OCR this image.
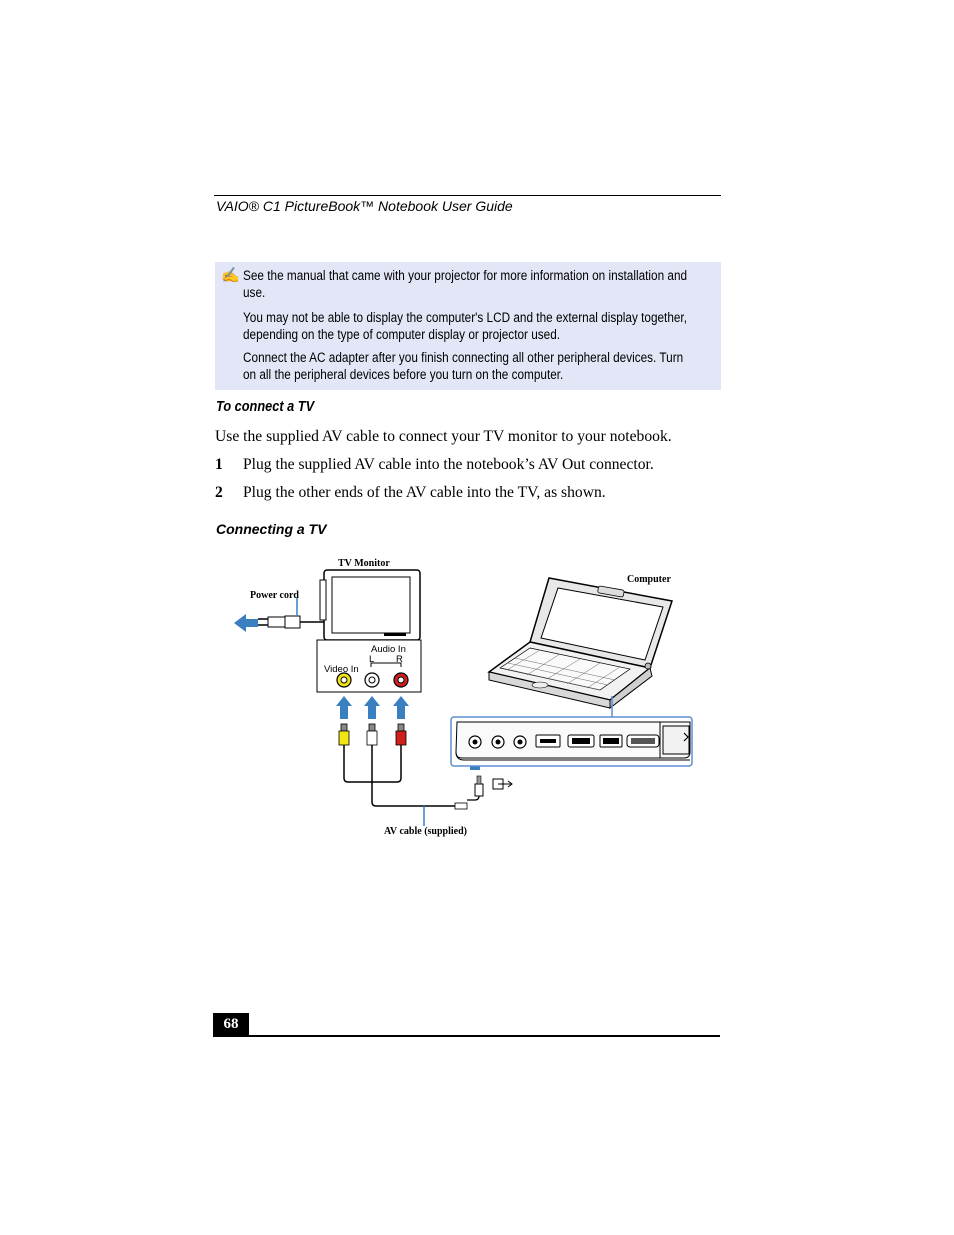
VAIO® C1 PictureBook™ Notebook User Guide
✍ See the manual that came with your projector for more information on installation and
use.
You may not be able to display the computer's LCD and the external display together,
depending on the type of computer display or projector used.
Connect the AC adapter after you finish connecting all other peripheral devices. Turn
on all the peripheral devices before you turn on the computer.
To connect a TV
Use the supplied AV cable to connect your TV monitor to your notebook.
1 Plug the supplied AV cable into the notebook’s AV Out connector.
2 Plug the other ends of the AV cable into the TV, as shown.
Connecting a TV
TV Monitor
Computer
Power cord
Audio In
L R
Video In
AV cable (supplied)
68
